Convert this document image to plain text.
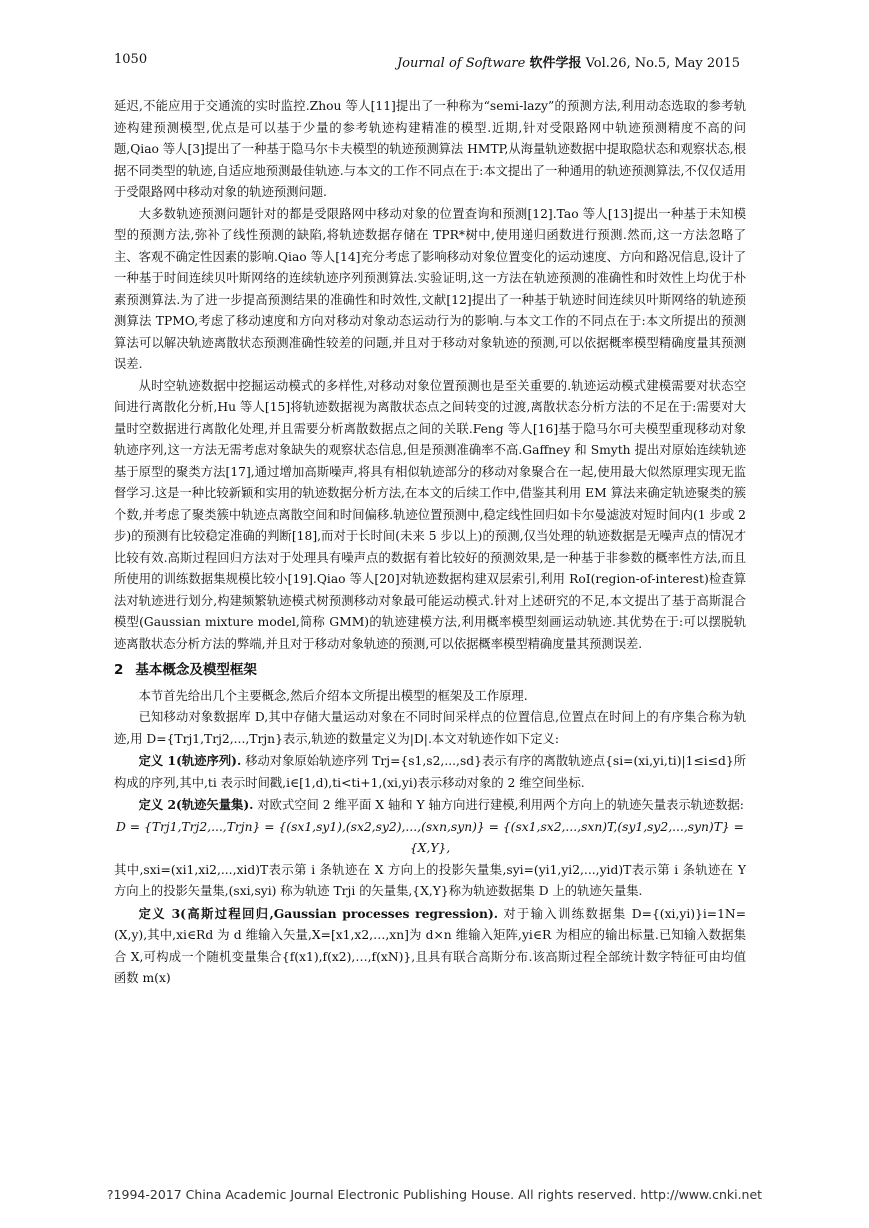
1050	Journal of Software 软件学报 Vol.26, No.5, May 2015

延迟,不能应用于交通流的实时监控.Zhou 等人[11]提出了一种称为“semi-lazy”的预测方法,利用动态选取的参考轨迹构建预测模型,优点是可以基于少量的参考轨迹构建精准的模型.近期,针对受限路网中轨迹预测精度不高的问题,Qiao 等人[3]提出了一种基于隐马尔卡夫模型的轨迹预测算法 HMTP,从海量轨迹数据中提取隐状态和观察状态,根据不同类型的轨迹,自适应地预测最佳轨迹.与本文的工作不同点在于:本文提出了一种通用的轨迹预测算法,不仅仅适用于受限路网中移动对象的轨迹预测问题.

大多数轨迹预测问题针对的都是受限路网中移动对象的位置查询和预测[12].Tao 等人[13]提出一种基于未知模型的预测方法,弥补了线性预测的缺陷,将轨迹数据存储在 TPR*树中,使用递归函数进行预测.然而,这一方法忽略了主、客观不确定性因素的影响.Qiao 等人[14]充分考虑了影响移动对象位置变化的运动速度、方向和路况信息,设计了一种基于时间连续贝叶斯网络的连续轨迹序列预测算法.实验证明,这一方法在轨迹预测的准确性和时效性上均优于朴素预测算法.为了进一步提高预测结果的准确性和时效性,文献[12]提出了一种基于轨迹时间连续贝叶斯网络的轨迹预测算法 TPMO,考虑了移动速度和方向对移动对象动态运动行为的影响.与本文工作的不同点在于:本文所提出的预测算法可以解决轨迹离散状态预测准确性较差的问题,并且对于移动对象轨迹的预测,可以依据概率模型精确度量其预测误差.

从时空轨迹数据中挖掘运动模式的多样性,对移动对象位置预测也是至关重要的.轨迹运动模式建模需要对状态空间进行离散化分析,Hu 等人[15]将轨迹数据视为离散状态点之间转变的过渡,离散状态分析方法的不足在于:需要对大量时空数据进行离散化处理,并且需要分析离散数据点之间的关联.Feng 等人[16]基于隐马尔可夫模型重现移动对象轨迹序列,这一方法无需考虑对象缺失的观察状态信息,但是预测准确率不高.Gaffney 和 Smyth 提出对原始连续轨迹基于原型的聚类方法[17],通过增加高斯噪声,将具有相似轨迹部分的移动对象聚合在一起,使用最大似然原理实现无监督学习.这是一种比较新颖和实用的轨迹数据分析方法,在本文的后续工作中,借鉴其利用 EM 算法来确定轨迹聚类的簇个数,并考虑了聚类簇中轨迹点离散空间和时间偏移.轨迹位置预测中,稳定线性回归如卡尔曼滤波对短时间内(1 步或 2 步)的预测有比较稳定准确的判断[18],而对于长时间(未来 5 步以上)的预测,仅当处理的轨迹数据是无噪声点的情况才比较有效.高斯过程回归方法对于处理具有噪声点的数据有着比较好的预测效果,是一种基于非参数的概率性方法,而且所使用的训练数据集规模比较小[19].Qiao 等人[20]对轨迹数据构建双层索引,利用 RoI(region-of-interest)检查算法对轨迹进行划分,构建频繁轨迹模式树预测移动对象最可能运动模式.针对上述研究的不足,本文提出了基于高斯混合模型(Gaussian mixture model,简称 GMM)的轨迹建模方法,利用概率模型刻画运动轨迹.其优势在于:可以摆脱轨迹离散状态分析方法的弊端,并且对于移动对象轨迹的预测,可以依据概率模型精确度量其预测误差.

2 基本概念及模型框架

本节首先给出几个主要概念,然后介绍本文所提出模型的框架及工作原理.

已知移动对象数据库 D,其中存储大量运动对象在不同时间采样点的位置信息,位置点在时间上的有序集合称为轨迹,用 D={Trj1,Trj2,...,Trjn}表示,轨迹的数量定义为|D|.本文对轨迹作如下定义:

定义 1(轨迹序列). 移动对象原始轨迹序列 Trj={s1,s2,...,sd}表示有序的离散轨迹点{si=(xi,yi,ti)|1≤i≤d}所构成的序列,其中,ti 表示时间戳,i∈[1,d),ti<ti+1,(xi,yi)表示移动对象的 2 维空间坐标.

定义 2(轨迹矢量集). 对欧式空间 2 维平面 X 轴和 Y 轴方向进行建模,利用两个方向上的轨迹矢量表示轨迹数据:

D = {Trj1,Trj2,...,Trjn} = {(sx1,sy1),(sx2,sy2),...,(sxn,syn)} = {(sx1,sx2,...,sxn)T,(sy1,sy2,...,syn)T} = {X,Y},

其中,sxi=(xi1,xi2,...,xid)T表示第 i 条轨迹在 X 方向上的投影矢量集,syi=(yi1,yi2,...,yid)T表示第 i 条轨迹在 Y 方向上的投影矢量集,(sxi,syi) 称为轨迹 Trji 的矢量集,{X,Y}称为轨迹数据集 D 上的轨迹矢量集.

定义 3(高斯过程回归,Gaussian processes regression). 对于输入训练数据集 D={(xi,yi)}i=1N=(X,y),其中,xi∈Rd 为 d 维输入矢量,X=[x1,x2,…,xn]为 d×n 维输入矩阵,yi∈R 为相应的输出标量.已知输入数据集合 X,可构成一个随机变量集合{f(x1),f(x2),…,f(xN)},且具有联合高斯分布.该高斯过程全部统计数字特征可由均值函数 m(x)

?1994-2017 China Academic Journal Electronic Publishing House. All rights reserved. http://www.cnki.net
